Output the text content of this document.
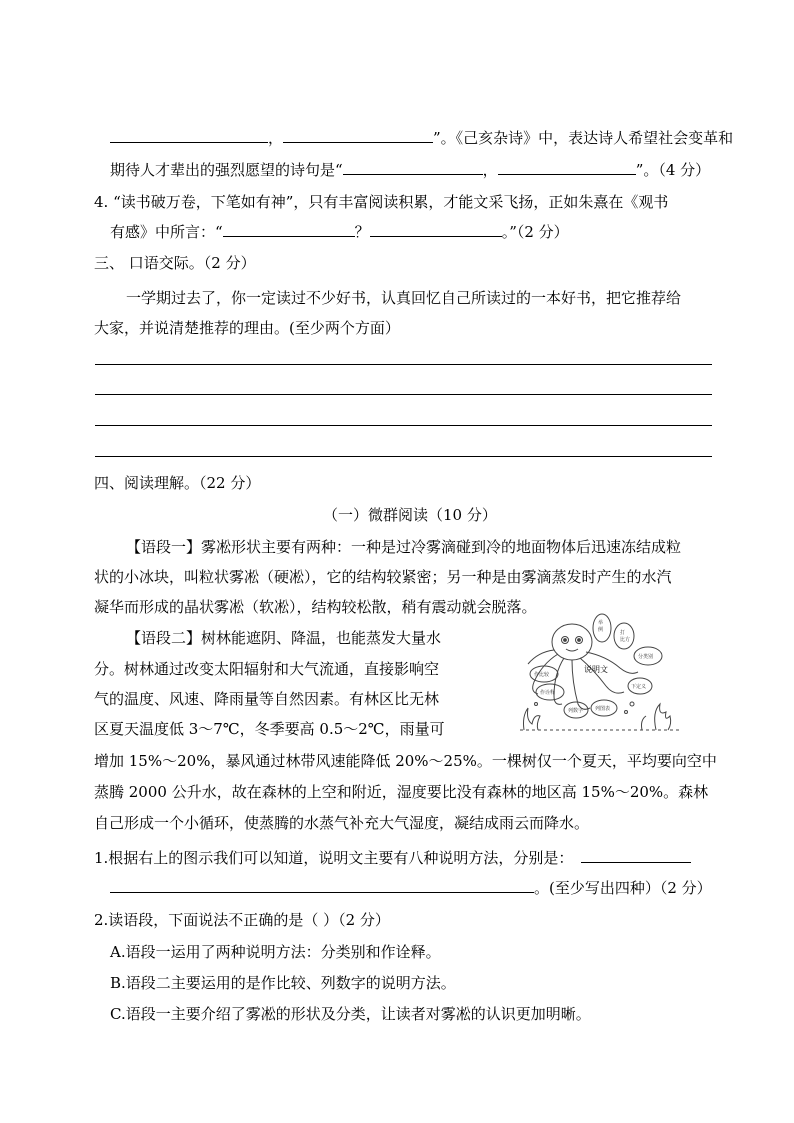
，	”。《己亥杂诗》中，表达诗人希望社会变革和
期待人才辈出的强烈愿望的诗句是“	，	”。（4 分）
4. “读书破万卷，下笔如有神”，只有丰富阅读积累，才能文采飞扬，正如朱熹在《观书
有感》中所言：“	？	。”（2 分）
三、 口语交际。（2 分）
一学期过去了，你一定读过不少好书，认真回忆自己所读过的一本好书，把它推荐给
大家，并说清楚推荐的理由。(至少两个方面）
四、阅读理解。（22 分）
（一）微群阅读（10 分）
【语段一】雾凇形状主要有两种：一种是过冷雾滴碰到冷的地面物体后迅速冻结成粒
状的小冰块，叫粒状雾凇（硬凇），它的结构较紧密；另一种是由雾滴蒸发时产生的水汽
凝华而形成的晶状雾凇（软凇），结构较松散，稍有震动就会脱落。
【语段二】树林能遮阴、降温，也能蒸发大量水
分。树林通过改变太阳辐射和大气流通，直接影响空
气的温度、风速、降雨量等自然因素。有林区比无林
区夏天温度低 3～7℃，冬季要高 0.5～2℃，雨量可
增加 15%～20%，暴风通过林带风速能降低 20%～25%。一棵树仅一个夏天，平均要向空中
蒸腾 2000 公升水，故在森林的上空和附近，湿度要比没有森林的地区高 15%～20%。森林
自己形成一个小循环，使蒸腾的水蒸气补充大气湿度，凝结成雨云而降水。
举
例	打
比方
分类别
作比较
作诠释
列数字 列图表
下定义
说明文
1.根据右上的图示我们可以知道，说明文主要有八种说明方法，分别是：
。(至少写出四种）（2 分）
2.读语段，下面说法不正确的是（ ）（2 分）
A.语段一运用了两种说明方法：分类别和作诠释。
B.语段二主要运用的是作比较、列数字的说明方法。
C.语段一主要介绍了雾凇的形状及分类，让读者对雾凇的认识更加明晰。
